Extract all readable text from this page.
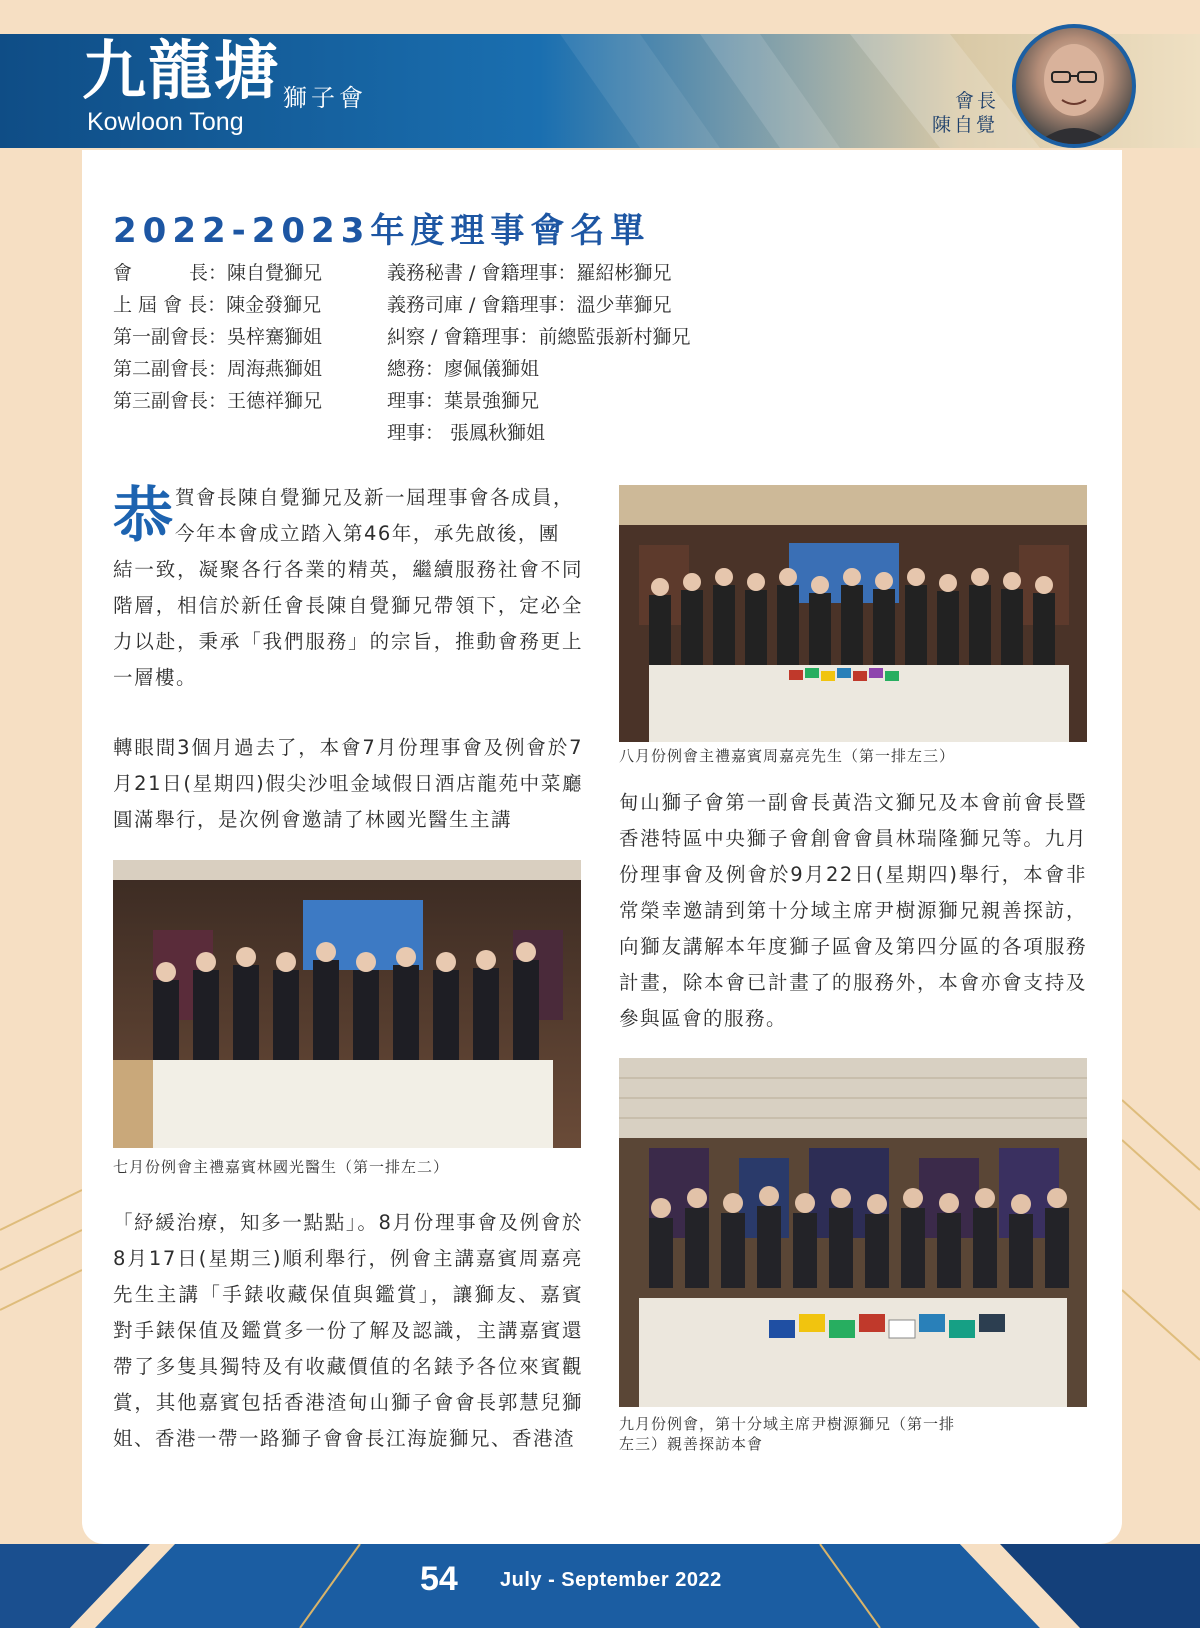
九龍塘 獅子會
Kowloon Tong
會長
陳自覺
2022-2023年度理事會名單
會　　　長：陳自覺獅兄
上 屆 會 長：陳金發獅兄
第一副會長：吳梓騫獅姐
第二副會長：周海燕獅姐
第三副會長：王德祥獅兄
義務秘書 / 會籍理事：羅紹彬獅兄
義務司庫 / 會籍理事：溫少華獅兄
糾察 / 會籍理事：前總監張新村獅兄
總務：廖佩儀獅姐
理事：葉景強獅兄
理事： 張鳳秋獅姐
恭 賀會長陳自覺獅兄及新一屆理事會各成員，
今年本會成立踏入第46年，承先啟後，團
結一致，凝聚各行各業的精英，繼續服務社會不同階層，相信於新任會長陳自覺獅兄帶領下，定必全力以赴，秉承「我們服務」的宗旨，推動會務更上一層樓。
轉眼間3個月過去了，本會7月份理事會及例會於7月21日(星期四)假尖沙咀金域假日酒店龍苑中菜廳圓滿舉行，是次例會邀請了林國光醫生主講
七月份例會主禮嘉賓林國光醫生（第一排左二）
「紓緩治療，知多一點點」。8月份理事會及例會於8月17日(星期三)順利舉行，例會主講嘉賓周嘉亮先生主講「手錶收藏保值與鑑賞」，讓獅友、嘉賓對手錶保值及鑑賞多一份了解及認識，主講嘉賓還帶了多隻具獨特及有收藏價值的名錶予各位來賓觀賞，其他嘉賓包括香港渣甸山獅子會會長郭慧兒獅姐、香港一帶一路獅子會會長江海旋獅兄、香港渣
八月份例會主禮嘉賓周嘉亮先生（第一排左三）
甸山獅子會第一副會長黃浩文獅兄及本會前會長暨香港特區中央獅子會創會會員林瑞隆獅兄等。九月份理事會及例會於9月22日(星期四)舉行，本會非常榮幸邀請到第十分域主席尹樹源獅兄親善探訪，向獅友講解本年度獅子區會及第四分區的各項服務計畫，除本會已計畫了的服務外，本會亦會支持及參與區會的服務。
九月份例會，第十分域主席尹樹源獅兄（第一排
左三）親善探訪本會
54 July - September 2022
